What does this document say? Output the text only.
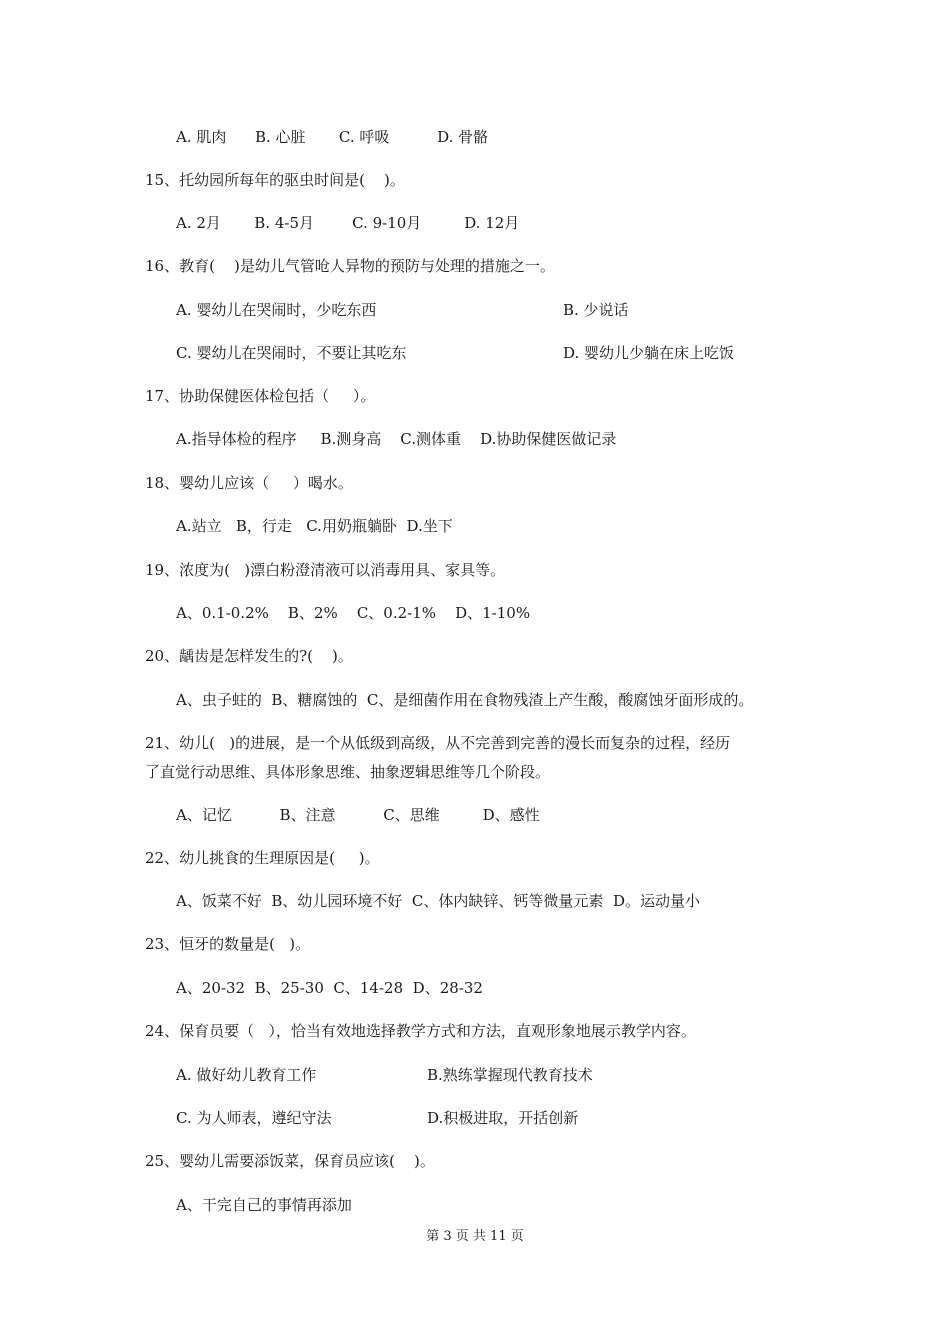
A. 肌肉      B. 心脏       C. 呼吸          D. 骨骼
15、托幼园所每年的驱虫时间是(    )。
A. 2月       B. 4-5月        C. 9-10月         D. 12月
16、教育(    )是幼儿气管呛人异物的预防与处理的措施之一。
A. 婴幼儿在哭闹时，少吃东西	B. 少说话
C. 婴幼儿在哭闹时，不要让其吃东	D. 婴幼儿少躺在床上吃饭
17、协助保健医体检包括（     ）。
A.指导体检的程序     B.测身高    C.测体重    D.协助保健医做记录
18、婴幼儿应该（     ）喝水。
A.站立   B，行走   C.用奶瓶躺卧  D.坐下
19、浓度为(   )漂白粉澄清液可以消毒用具、家具等。
A、0.1-0.2%    B、2%    C、0.2-1%    D、1-10%
20、龋齿是怎样发生的?(    )。
A、虫子蛀的  B、糖腐蚀的  C、是细菌作用在食物残渣上产生酸，酸腐蚀牙面形成的。
21、幼儿(   )的进展，是一个从低级到高级，从不完善到完善的漫长而复杂的过程，经历
了直觉行动思维、具体形象思维、抽象逻辑思维等几个阶段。
A、记忆          B、注意          C、思维         D、感性
22、幼儿挑食的生理原因是(     )。
A、饭菜不好  B、幼儿园环境不好  C、体内缺锌、钙等微量元素  D。运动量小
23、恒牙的数量是(   )。
A、20-32  B、25-30  C、14-28  D、28-32
24、保育员要（   ），恰当有效地选择教学方式和方法，直观形象地展示教学内容。
A. 做好幼儿教育工作	B.熟练掌握现代教育技术
C. 为人师表，遵纪守法	D.积极进取，开括创新
25、婴幼儿需要添饭菜，保育员应该(    )。
A、干完自己的事情再添加
第 3 页 共 11 页
